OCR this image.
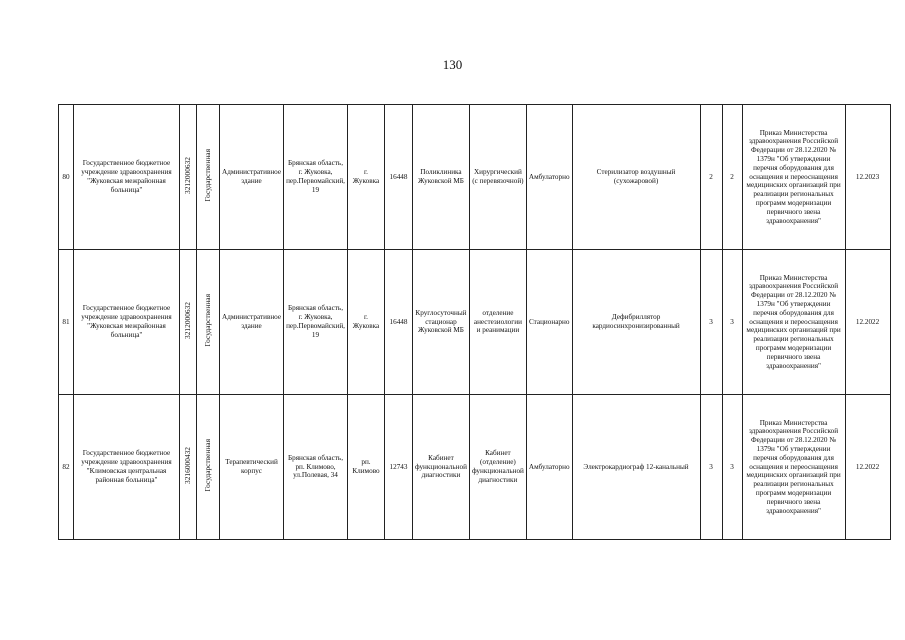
130
80	Государственное бюджетное учреждение здравоохранения "Жуковская межрайонная больница"	3212000632	Государственная	Административное здание	Брянская область, г. Жуковка, пер.Первомайский, 19	г. Жуковка	16448	Поликлиника Жуковской МБ	Хирургический (с перевязочной)	Амбулаторно	Стерилизатор воздушный (сухожаровой)	2	2	Приказ Министерства здравоохранения Российской Федерации от 28.12.2020 № 1379н "Об утверждении перечня оборудования для оснащения и переоснащения медицинских организаций при реализации региональных программ модернизации первичного звена здравоохранения"	12.2023
81	Государственное бюджетное учреждение здравоохранения "Жуковская межрайонная больница"	3212000632	Государственная	Административное здание	Брянская область, г. Жуковка, пер.Первомайский, 19	г. Жуковка	16448	Круглосуточный стационар Жуковской МБ	отделение анестезиологии и реанимации	Стационарно	Дефибриллятор кардиосинхронизированный	3	3	Приказ Министерства здравоохранения Российской Федерации от 28.12.2020 № 1379н "Об утверждении перечня оборудования для оснащения и переоснащения медицинских организаций при реализации региональных программ модернизации первичного звена здравоохранения"	12.2022
82	Государственное бюджетное учреждение здравоохранения "Климовская центральная районная больница"	3216000432	Государственная	Терапевтический корпус	Брянская область, рп. Климово, ул.Полевая, 34	рп. Климово	12743	Кабинет функциональной диагностики	Кабинет (отделение) функциональной диагностики	Амбулаторно	Электрокардиограф 12-канальный	3	3	Приказ Министерства здравоохранения Российской Федерации от 28.12.2020 № 1379н "Об утверждении перечня оборудования для оснащения и переоснащения медицинских организаций при реализации региональных программ модернизации первичного звена здравоохранения"	12.2022
